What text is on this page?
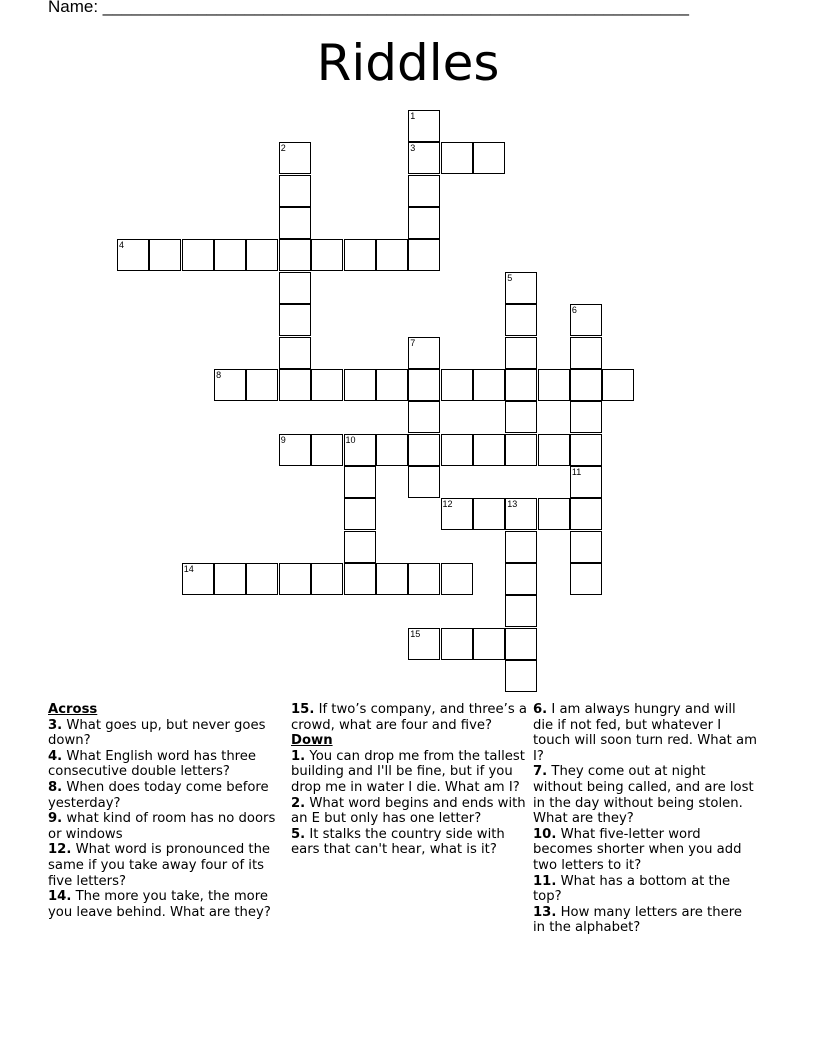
Name: ______________________________________________________________
Riddles
3
4
8
9	10
12	13
14
15
1
2
5
6
7
11
Across
3. What goes up, but never goes down?
4. What English word has three consecutive double letters?
8. When does today come before yesterday?
9. what kind of room has no doors or windows
12. What word is pronounced the same if you take away four of its five letters?
14. The more you take, the more you leave behind. What are they?
15. If two’s company, and three’s a crowd, what are four and five?
Down
1. You can drop me from the tallest building and I'll be fine, but if you drop me in water I die. What am I?
2. What word begins and ends with an E but only has one letter?
5. It stalks the country side with ears that can't hear, what is it?
6. I am always hungry and will die if not fed, but whatever I touch will soon turn red. What am I?
7. They come out at night without being called, and are lost in the day without being stolen. What are they?
10. What five-letter word becomes shorter when you add two letters to it?
11. What has a bottom at the top?
13. How many letters are there in the alphabet?
